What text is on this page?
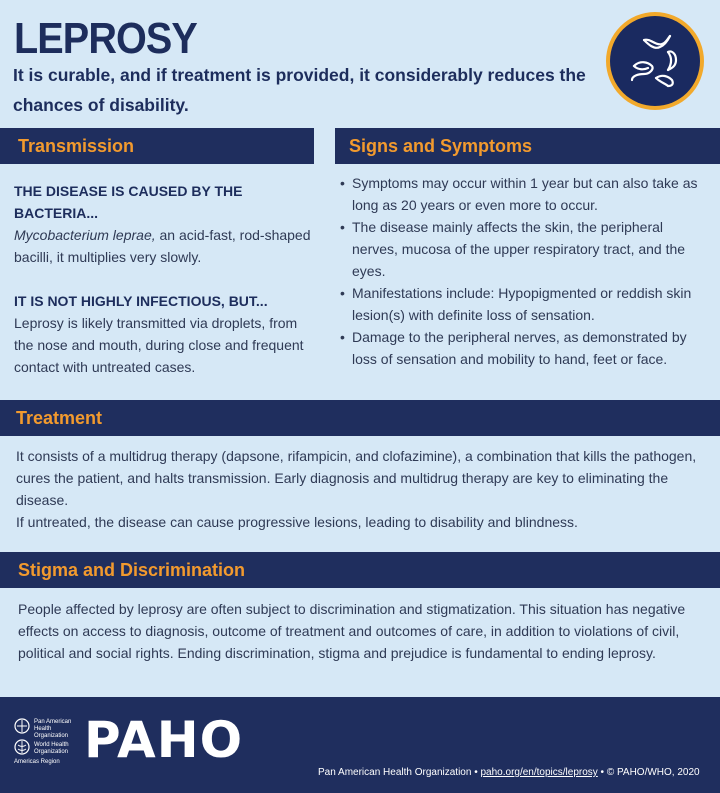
LEPROSY
It is curable, and if treatment is provided, it considerably reduces the chances of disability.
Transmission
THE DISEASE IS CAUSED BY THE BACTERIA...
Mycobacterium leprae, an acid-fast, rod-shaped bacilli, it multiplies very slowly.
IT IS NOT HIGHLY INFECTIOUS, BUT...
Leprosy is likely transmitted via droplets, from the nose and mouth, during close and frequent contact with untreated cases.
Signs and Symptoms
• Symptoms may occur within 1 year but can also take as long as 20 years or even more to occur.
• The disease mainly affects the skin, the peripheral nerves, mucosa of the upper respiratory tract, and the eyes.
• Manifestations include: Hypopigmented or reddish skin lesion(s) with definite loss of sensation.
• Damage to the peripheral nerves, as demonstrated by loss of sensation and mobility to hand, feet or face.
Treatment
It consists of a multidrug therapy (dapsone, rifampicin, and clofazimine), a combination that kills the pathogen, cures the patient, and halts transmission. Early diagnosis and multidrug therapy are key to eliminating the disease.
If untreated, the disease can cause progressive lesions, leading to disability and blindness.
Stigma and Discrimination
People affected by leprosy are often subject to discrimination and stigmatization. This situation has negative effects on access to diagnosis, outcome of treatment and outcomes of care, in addition to violations of civil, political and social rights. Ending discrimination, stigma and prejudice is fundamental to ending leprosy.
Pan American
Health
Organization
World Health
Organization
Americas Region PAHO
Pan American Health Organization • paho.org/en/topics/leprosy • © PAHO/WHO, 2020
